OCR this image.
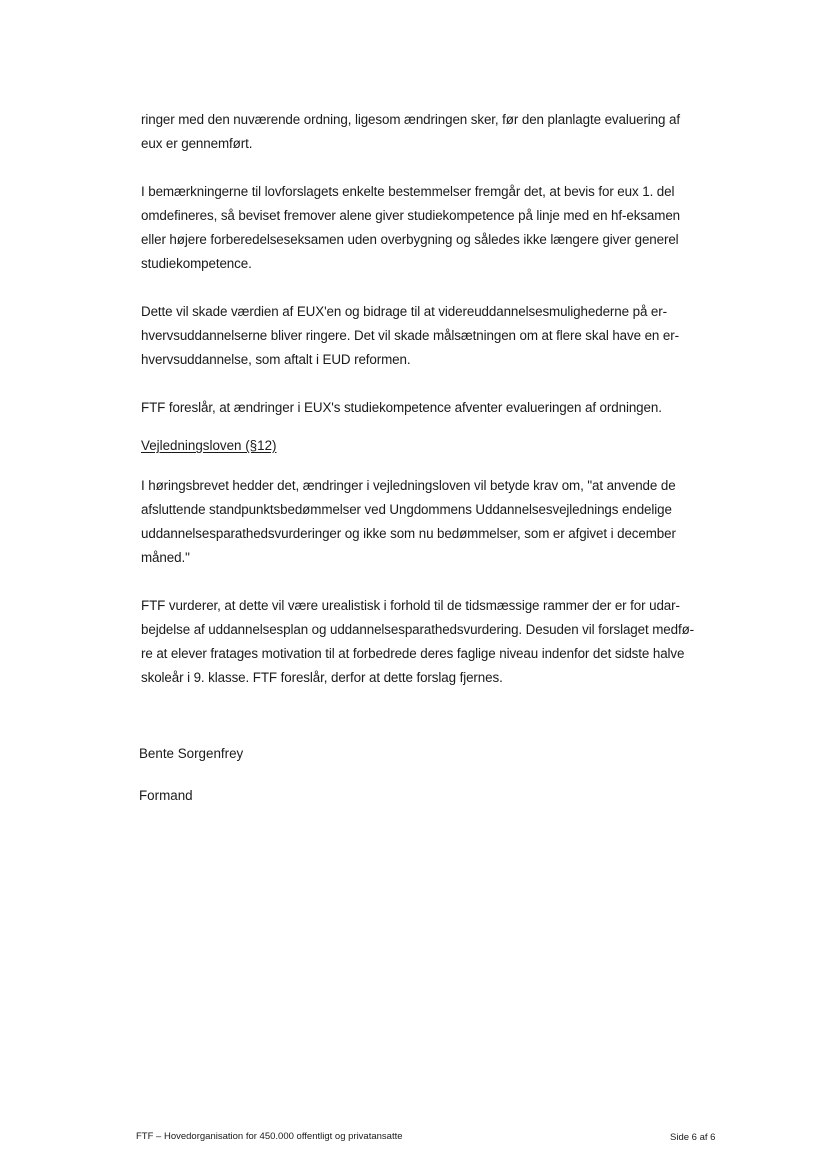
ringer med den nuværende ordning, ligesom ændringen sker, før den planlagte evaluering af
eux er gennemført.
I bemærkningerne til lovforslagets enkelte bestemmelser fremgår det, at bevis for eux 1. del
omdefineres, så beviset fremover alene giver studiekompetence på linje med en hf-eksamen
eller højere forberedelseseksamen uden overbygning og således ikke længere giver generel
studiekompetence.
Dette vil skade værdien af EUX'en og bidrage til at videreuddannelsesmulighederne på er-
hvervsuddannelserne bliver ringere. Det vil skade målsætningen om at flere skal have en er-
hvervsuddannelse, som aftalt i EUD reformen.
FTF foreslår, at ændringer i EUX's studiekompetence afventer evalueringen af ordningen.
Vejledningsloven (§12)
I høringsbrevet hedder det, ændringer i vejledningsloven vil betyde krav om, "at anvende de
afsluttende standpunktsbedømmelser ved Ungdommens Uddannelsesvejlednings endelige
uddannelsesparathedsvurderinger og ikke som nu bedømmelser, som er afgivet i december
måned."
FTF vurderer, at dette vil være urealistisk i forhold til de tidsmæssige rammer der er for udar-
bejdelse af uddannelsesplan og uddannelsesparathedsvurdering. Desuden vil forslaget medfø-
re at elever fratages motivation til at forbedrede deres faglige niveau indenfor det sidste halve
skoleår i 9. klasse. FTF foreslår, derfor at dette forslag fjernes.
Bente Sorgenfrey
Formand
FTF – Hovedorganisation for 450.000 offentligt og privatansatte	Side 6 af 6
